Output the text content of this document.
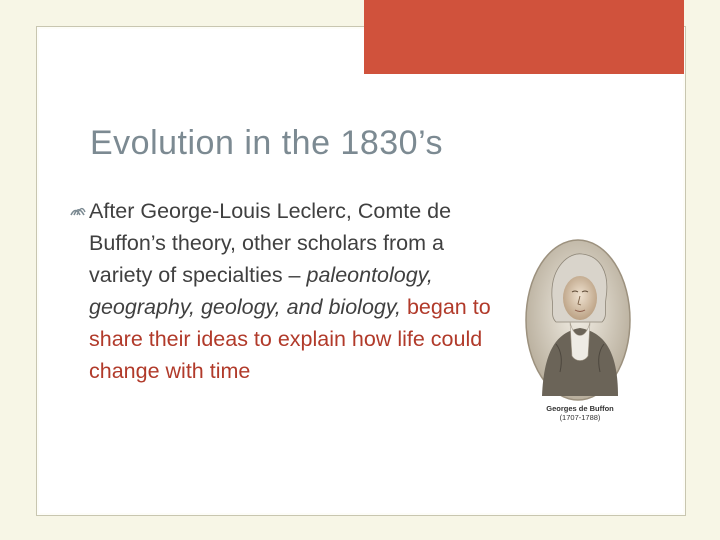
Evolution in the 1830’s
After George-Louis Leclerc, Comte de Buffon’s theory, other scholars from a variety of specialties – paleontology, geography, geology, and biology, began to share their ideas to explain how life could change with time
Georges de Buffon
(1707-1788)
